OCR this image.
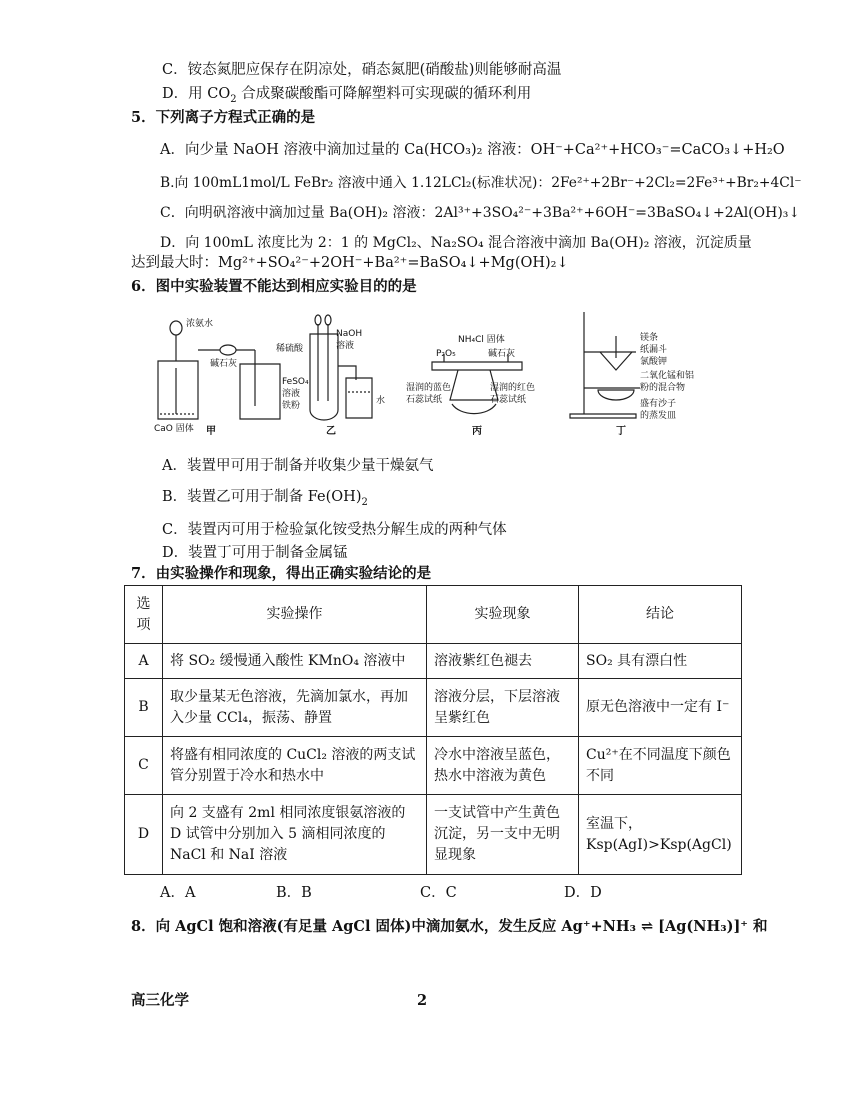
C．铵态氮肥应保存在阴凉处，硝态氮肥(硝酸盐)则能够耐高温
D．用 $CO_2$ 合成聚碳酸酯可降解塑料可实现碳的循环利用
5．下列离子方程式正确的是
A．向少量 NaOH 溶液中滴加过量的 Ca(HCO₃)₂ 溶液：OH⁻+Ca²⁺+HCO₃⁻=CaCO₃↓+H₂O
B.向 100mL1mol/L FeBr₂ 溶液中通入 1.12LCl₂(标准状况)：2Fe²⁺+2Br⁻+2Cl₂=2Fe³⁺+Br₂+4Cl⁻
C．向明矾溶液中滴加过量 Ba(OH)₂ 溶液：2Al³⁺+3SO₄²⁻+3Ba²⁺+6OH⁻=3BaSO₄↓+2Al(OH)₃↓
D．向 100mL 浓度比为 2：1 的 MgCl₂、Na₂SO₄ 混合溶液中滴加 Ba(OH)₂ 溶液，沉淀质量
达到最大时：Mg²⁺+SO₄²⁻+2OH⁻+Ba²⁺=BaSO₄↓+Mg(OH)₂↓
6．图中实验装置不能达到相应实验目的的是
浓氨水
碱石灰
CaO 固体 甲
稀硫酸
NaOH
溶液
FeSO₄
溶液
铁粉	水
乙
NH₄Cl 固体
P₂O₅	碱石灰
湿润的蓝色
石蕊试纸
湿润的红色
石蕊试纸
丙
镁条
纸漏斗
氯酸钾
二氧化锰和铝
粉的混合物
盛有沙子
的蒸发皿
丁
A．装置甲可用于制备并收集少量干燥氨气
B．装置乙可用于制备 $Fe(OH)_2$
C．装置丙可用于检验氯化铵受热分解生成的两种气体
D．装置丁可用于制备金属锰
7．由实验操作和现象，得出正确实验结论的是
选项	实验操作	实验现象	结论
A	将 SO₂ 缓慢通入酸性 KMnO₄ 溶液中	溶液紫红色褪去	SO₂ 具有漂白性
B	取少量某无色溶液，先滴加氯水，再加入少量 CCl₄，振荡、静置	溶液分层，下层溶液呈紫红色	原无色溶液中一定有 I⁻
C	将盛有相同浓度的 CuCl₂ 溶液的两支试管分别置于冷水和热水中	冷水中溶液呈蓝色，热水中溶液为黄色	Cu²⁺在不同温度下颜色不同
D	向 2 支盛有 2ml 相同浓度银氨溶液的 D 试管中分别加入 5 滴相同浓度的 NaCl 和 NaI 溶液	一支试管中产生黄色沉淀，另一支中无明显现象	室温下，
Ksp(AgI)>Ksp(AgCl)
A．A	B．B	C．C	D．D
8．向 AgCl 饱和溶液(有足量 AgCl 固体)中滴加氨水，发生反应 Ag⁺+NH₃ ⇌ [Ag(NH₃)]⁺ 和
高三化学	2
